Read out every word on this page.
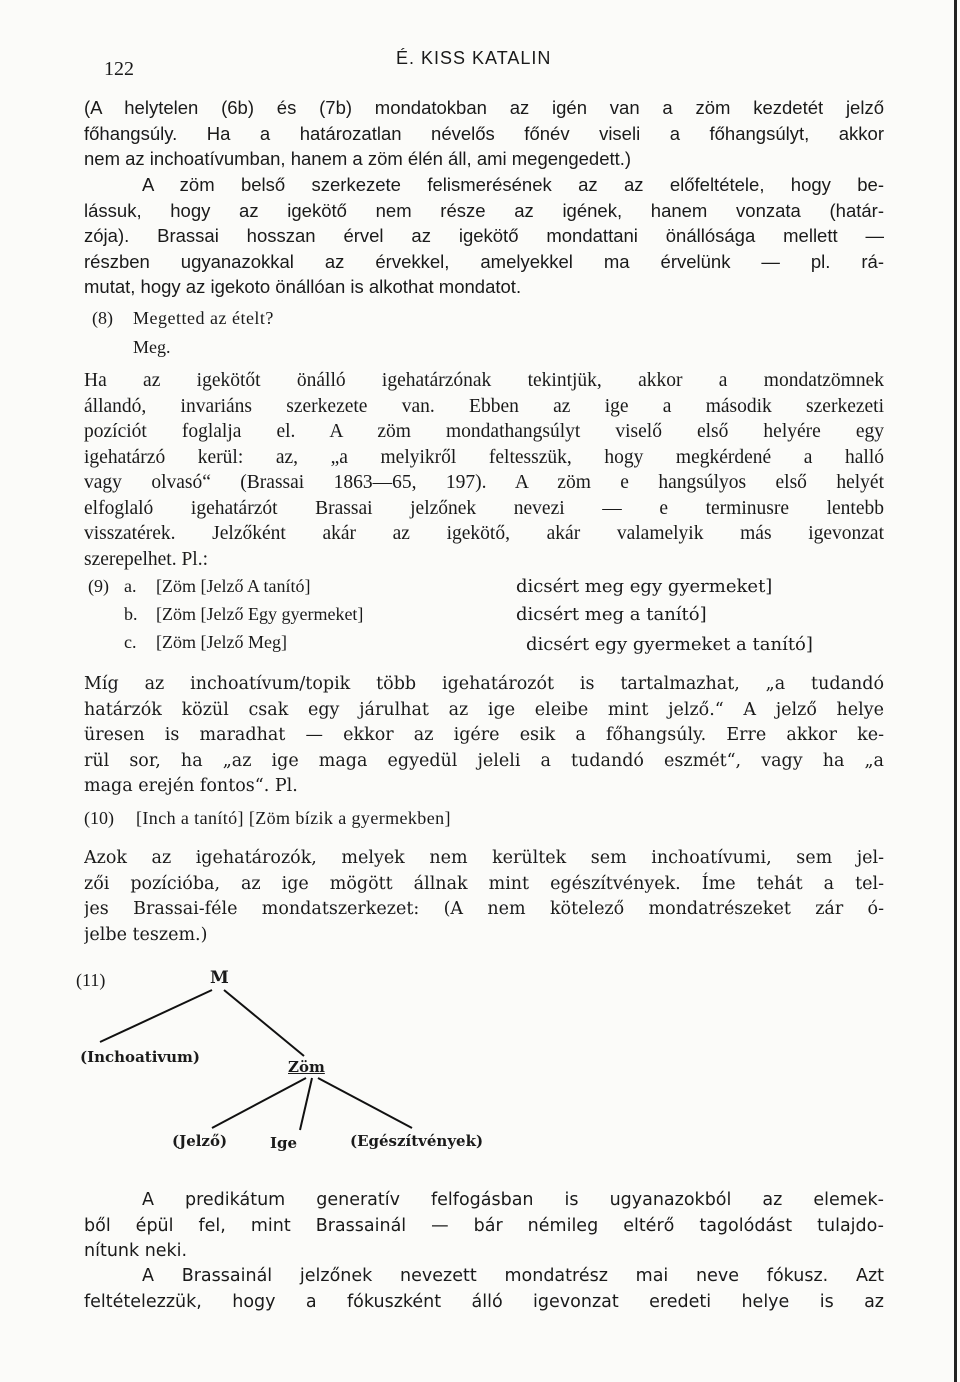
122	É. KISS KATALIN
(A helytelen (6b) és (7b) mondatokban az igén van a zöm kezdetét jelző
főhangsúly. Ha a határozatlan névelős főnév viseli a főhangsúlyt, akkor
nem az inchoatívumban, hanem a zöm élén áll, ami megengedett.)
A zöm belső szerkezete felismerésének az az előfeltétele, hogy be-
lássuk, hogy az igekötő nem része az igének, hanem vonzata (határ-
zója). Brassai hosszan érvel az igekötő mondattani önállósága mellett —
részben ugyanazokkal az érvekkel, amelyekkel ma érvelünk — pl. rá-
mutat, hogy az igekoto önállóan is alkothat mondatot.
(8) Megetted az ételt?
Meg.
Ha az igekötőt önálló igehatárzónak tekintjük, akkor a mondatzömnek
állandó, invariáns szerkezete van. Ebben az ige a második szerkezeti
pozíciót foglalja el. A zöm mondathangsúlyt viselő első helyére egy
igehatárzó kerül: az, „a melyikről feltesszük, hogy megkérdené a halló
vagy olvasó“ (Brassai 1863—65, 197). A zöm e hangsúlyos első helyét
elfoglaló igehatárzót Brassai jelzőnek nevezi — e terminusre lentebb
visszatérek. Jelzőként akár az igekötő, akár valamelyik más igevonzat
szerepelhet. Pl.:
(9) a. [Zöm [Jelző A tanító]	dicsért meg egy gyermeket]
b. [Zöm [Jelző Egy gyermeket]	dicsért meg a tanító]
c. [Zöm [Jelző Meg]	dicsért egy gyermeket a tanító]
Míg az inchoatívum/topik több igehatározót is tartalmazhat, „a tudandó
határzók közül csak egy járulhat az ige eleibe mint jelző.“ A jelző helye
üresen is maradhat — ekkor az igére esik a főhangsúly. Erre akkor ke-
rül sor, ha „az ige maga egyedül jeleli a tudandó eszmét“, vagy ha „a
maga erején fontos“. Pl.
(10) [Inch a tanító] [Zöm bízik a gyermekben]
Azok az igehatározók, melyek nem kerültek sem inchoatívumi, sem jel-
zői pozícióba, az ige mögött állnak mint egészítvények. Íme tehát a tel-
jes Brassai-féle mondatszerkezet: (A nem kötelező mondatrészeket zár ó-
jelbe teszem.)
(11)	M
(Inchoativum)
Zöm
(Jelző)	Ige	(Egészítvények)
A predikátum generatív felfogásban is ugyanazokból az elemek-
ből épül fel, mint Brassainál — bár némileg eltérő tagolódást tulajdo-
nítunk neki.
A Brassainál jelzőnek nevezett mondatrész mai neve fókusz. Azt
feltételezzük, hogy a fókuszként álló igevonzat eredeti helye is az
